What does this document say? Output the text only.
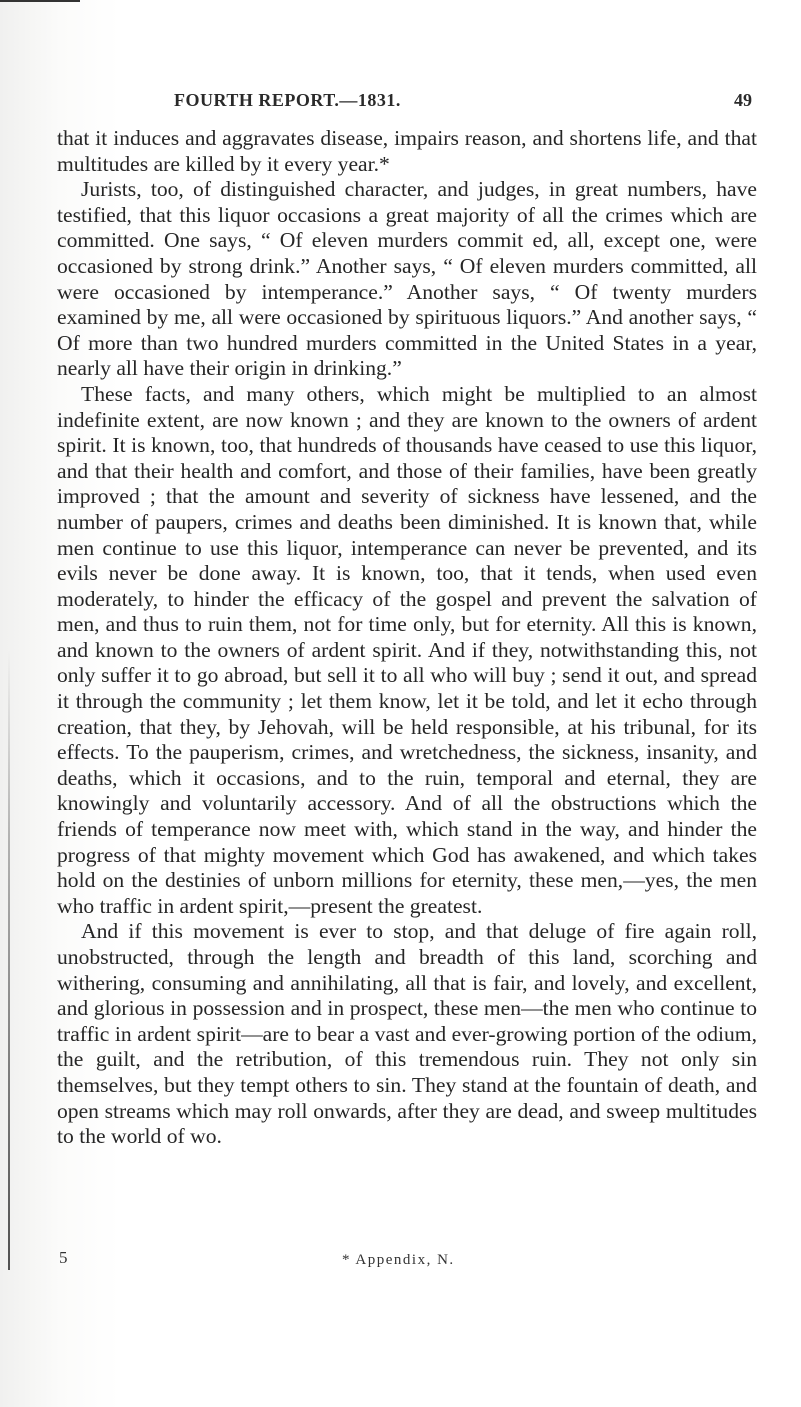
FOURTH REPORT.—1831.	49

that it induces and aggravates disease, impairs reason, and shortens life, and that multitudes are killed by it every year.*

Jurists, too, of distinguished character, and judges, in great numbers, have testified, that this liquor occasions a great majority of all the crimes which are committed. One says, “ Of eleven murders commit ed, all, except one, were occasioned by strong drink.” Another says, “ Of eleven murders committed, all were occasioned by intemperance.” Another says, “ Of twenty murders examined by me, all were occasioned by spirituous liquors.” And another says, “ Of more than two hundred murders committed in the United States in a year, nearly all have their origin in drinking.”

These facts, and many others, which might be multiplied to an almost indefinite extent, are now known ; and they are known to the owners of ardent spirit. It is known, too, that hundreds of thousands have ceased to use this liquor, and that their health and comfort, and those of their families, have been greatly improved ; that the amount and severity of sickness have lessened, and the number of paupers, crimes and deaths been diminished. It is known that, while men continue to use this liquor, intemperance can never be prevented, and its evils never be done away. It is known, too, that it tends, when used even moderately, to hinder the efficacy of the gospel and prevent the salvation of men, and thus to ruin them, not for time only, but for eternity. All this is known, and known to the owners of ardent spirit. And if they, notwithstanding this, not only suffer it to go abroad, but sell it to all who will buy ; send it out, and spread it through the community ; let them know, let it be told, and let it echo through creation, that they, by Jehovah, will be held responsible, at his tribunal, for its effects. To the pauperism, crimes, and wretchedness, the sickness, insanity, and deaths, which it occasions, and to the ruin, temporal and eternal, they are knowingly and voluntarily accessory. And of all the obstructions which the friends of temperance now meet with, which stand in the way, and hinder the progress of that mighty movement which God has awakened, and which takes hold on the destinies of unborn millions for eternity, these men,—yes, the men who traffic in ardent spirit,—present the greatest.

And if this movement is ever to stop, and that deluge of fire again roll, unobstructed, through the length and breadth of this land, scorching and withering, consuming and annihilating, all that is fair, and lovely, and excellent, and glorious in possession and in prospect, these men—the men who continue to traffic in ardent spirit—are to bear a vast and ever-growing portion of the odium, the guilt, and the retribution, of this tremendous ruin. They not only sin themselves, but they tempt others to sin. They stand at the fountain of death, and open streams which may roll onwards, after they are dead, and sweep multitudes to the world of wo.

5	* Appendix, N.
